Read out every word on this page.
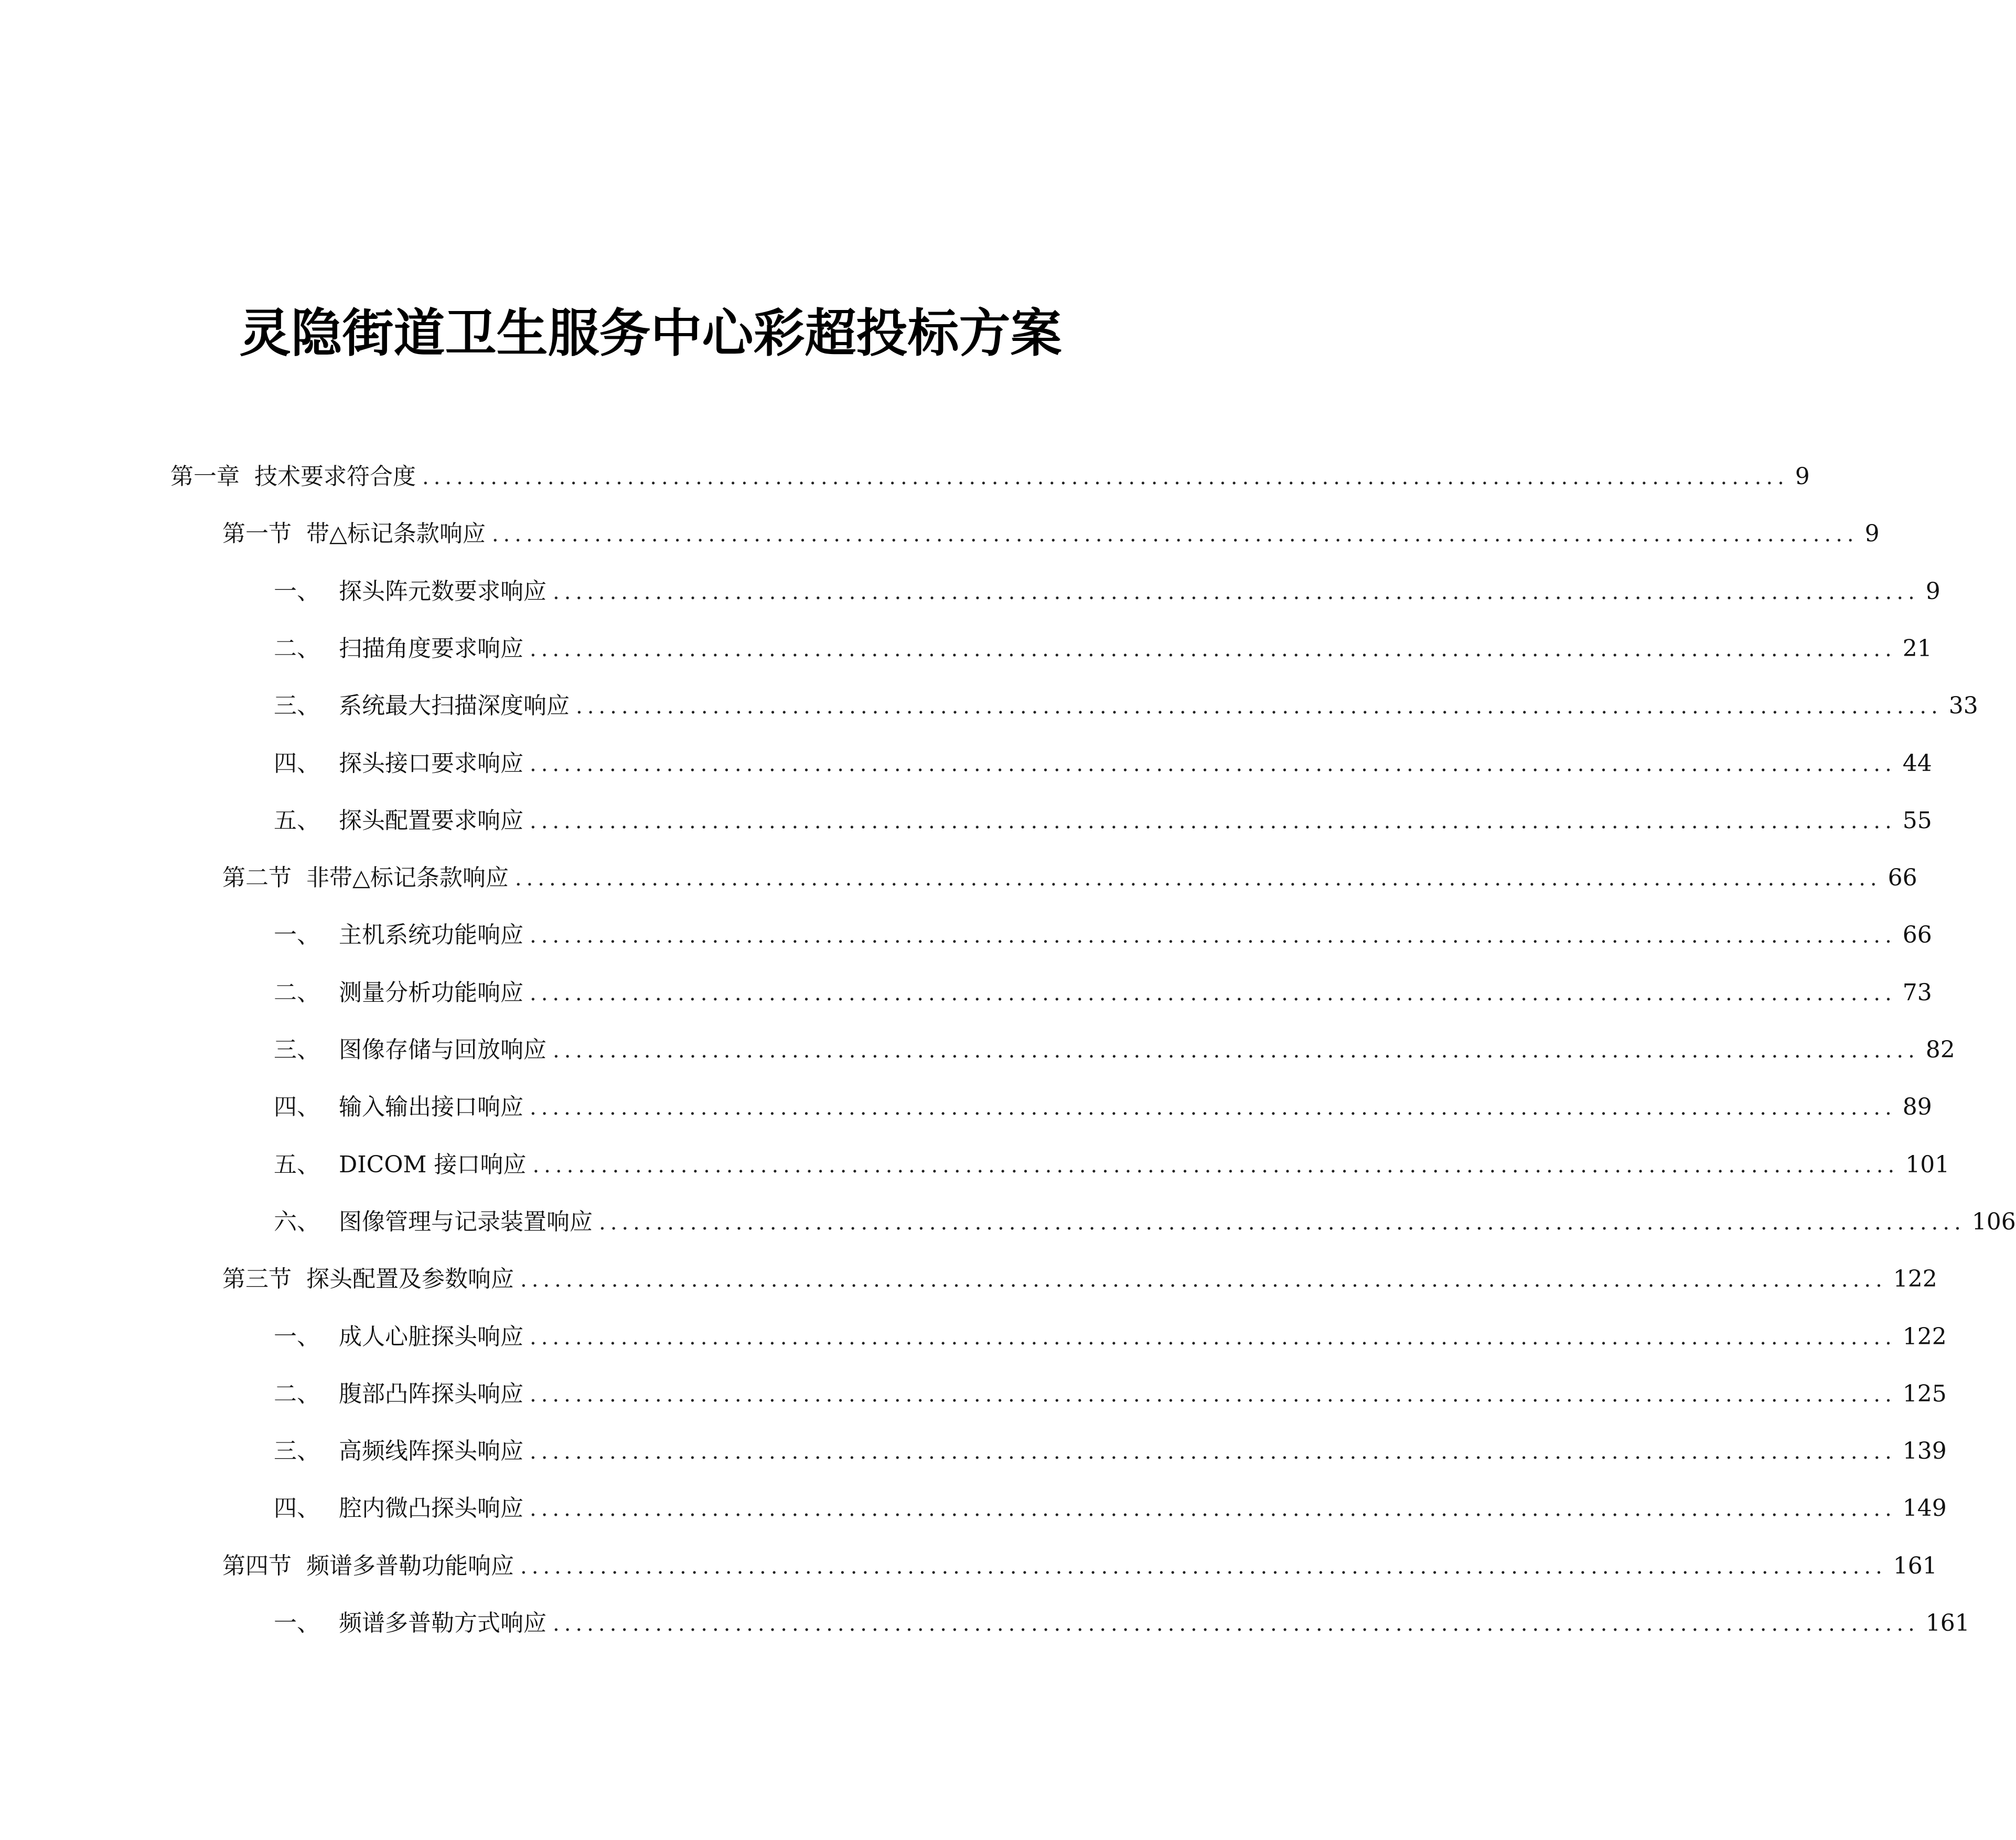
灵隐街道卫生服务中心彩超投标方案
第一章 技术要求符合度 ........................................................................................................................ 9
第一节 带△标记条款响应 ........................................................................................................................ 9
一、 探头阵元数要求响应 ........................................................................................................................ 9
二、 扫描角度要求响应 ........................................................................................................................ 21
三、 系统最大扫描深度响应 ........................................................................................................................ 33
四、 探头接口要求响应 ........................................................................................................................ 44
五、 探头配置要求响应 ........................................................................................................................ 55
第二节 非带△标记条款响应 ........................................................................................................................ 66
一、 主机系统功能响应 ........................................................................................................................ 66
二、 测量分析功能响应 ........................................................................................................................ 73
三、 图像存储与回放响应 ........................................................................................................................ 82
四、 输入输出接口响应 ........................................................................................................................ 89
五、 DICOM 接口响应 ........................................................................................................................ 101
六、 图像管理与记录装置响应 ........................................................................................................................ 106
第三节 探头配置及参数响应 ........................................................................................................................ 122
一、 成人心脏探头响应 ........................................................................................................................ 122
二、 腹部凸阵探头响应 ........................................................................................................................ 125
三、 高频线阵探头响应 ........................................................................................................................ 139
四、 腔内微凸探头响应 ........................................................................................................................ 149
第四节 频谱多普勒功能响应 ........................................................................................................................ 161
一、 频谱多普勒方式响应 ........................................................................................................................ 161
